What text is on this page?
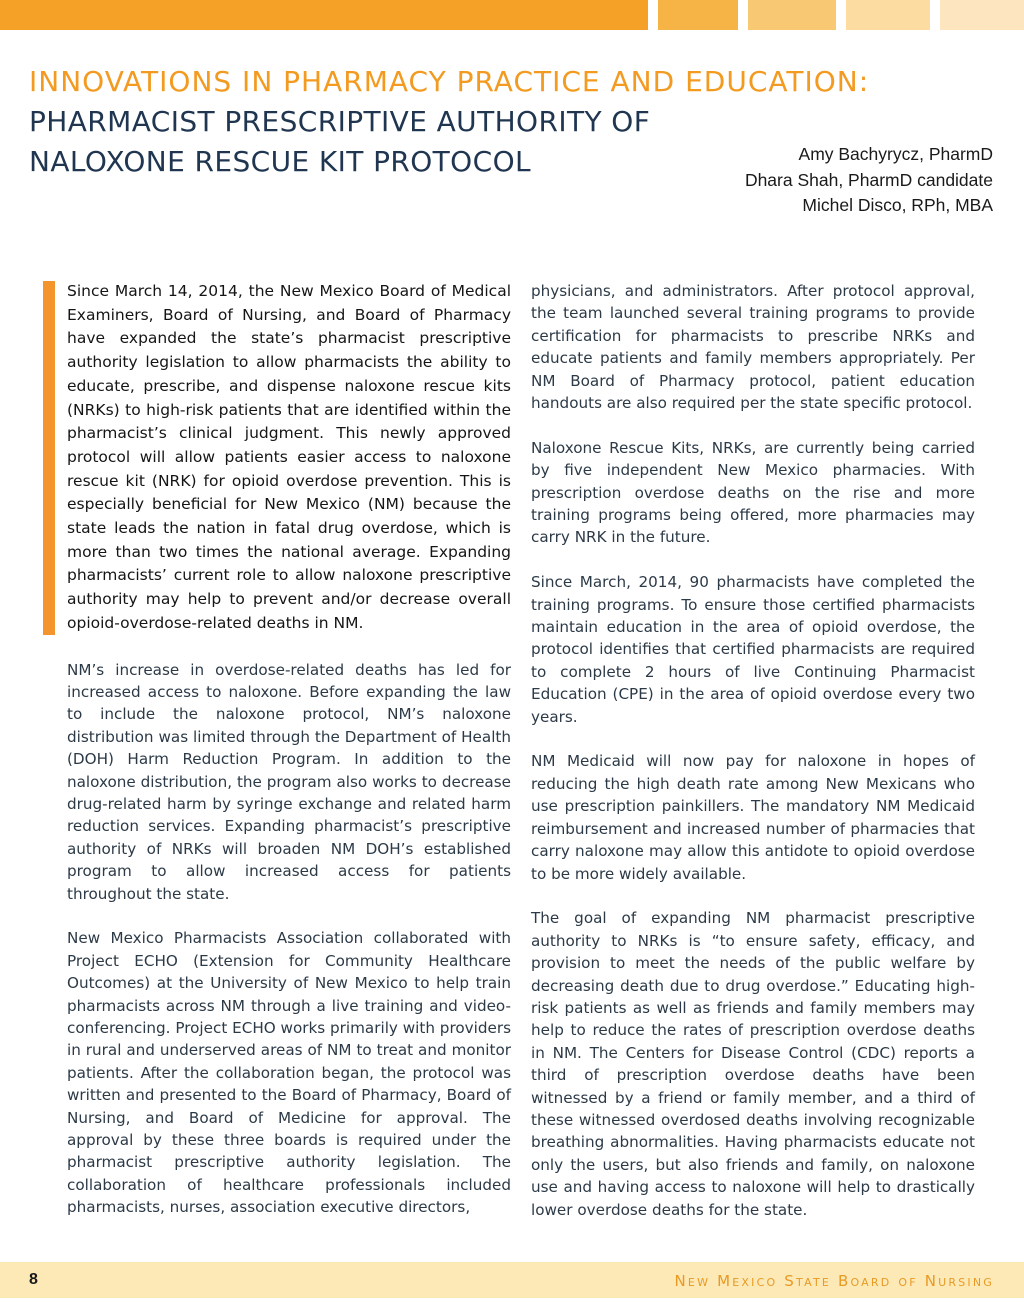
INNOVATIONS IN PHARMACY PRACTICE AND EDUCATION:
PHARMACIST PRESCRIPTIVE AUTHORITY OF
NALOXONE RESCUE KIT PROTOCOL	Amy Bachyrycz, PharmD
Dhara Shah, PharmD candidate
Michel Disco, RPh, MBA

Since March 14, 2014, the New Mexico Board of Medical Examiners, Board of Nursing, and Board of Pharmacy have expanded the state’s pharmacist prescriptive authority legislation to allow pharmacists the ability to educate, prescribe, and dispense naloxone rescue kits (NRKs) to high-risk patients that are identified within the pharmacist’s clinical judgment. This newly approved protocol will allow patients easier access to naloxone rescue kit (NRK) for opioid overdose prevention. This is especially beneficial for New Mexico (NM) because the state leads the nation in fatal drug overdose, which is more than two times the national average. Expanding pharmacists’ current role to allow naloxone prescriptive authority may help to prevent and/or decrease overall opioid-overdose-related deaths in NM.

NM’s increase in overdose-related deaths has led for increased access to naloxone. Before expanding the law to include the naloxone protocol, NM’s naloxone distribution was limited through the Department of Health (DOH) Harm Reduction Program. In addition to the naloxone distribution, the program also works to decrease drug-related harm by syringe exchange and related harm reduction services. Expanding pharmacist’s prescriptive authority of NRKs will broaden NM DOH’s established program to allow increased access for patients throughout the state.

New Mexico Pharmacists Association collaborated with Project ECHO (Extension for Community Healthcare Outcomes) at the University of New Mexico to help train pharmacists across NM through a live training and video-conferencing. Project ECHO works primarily with providers in rural and underserved areas of NM to treat and monitor patients. After the collaboration began, the protocol was written and presented to the Board of Pharmacy, Board of Nursing, and Board of Medicine for approval. The approval by these three boards is required under the pharmacist prescriptive authority legislation. The collaboration of healthcare professionals included pharmacists, nurses, association executive directors,

physicians, and administrators. After protocol approval, the team launched several training programs to provide certification for pharmacists to prescribe NRKs and educate patients and family members appropriately. Per NM Board of Pharmacy protocol, patient education handouts are also required per the state specific protocol.

Naloxone Rescue Kits, NRKs, are currently being carried by five independent New Mexico pharmacies. With prescription overdose deaths on the rise and more training programs being offered, more pharmacies may carry NRK in the future.

Since March, 2014, 90 pharmacists have completed the training programs. To ensure those certified pharmacists maintain education in the area of opioid overdose, the protocol identifies that certified pharmacists are required to complete 2 hours of live Continuing Pharmacist Education (CPE) in the area of opioid overdose every two years.

NM Medicaid will now pay for naloxone in hopes of reducing the high death rate among New Mexicans who use prescription painkillers. The mandatory NM Medicaid reimbursement and increased number of pharmacies that carry naloxone may allow this antidote to opioid overdose to be more widely available.

The goal of expanding NM pharmacist prescriptive authority to NRKs is “to ensure safety, efficacy, and provision to meet the needs of the public welfare by decreasing death due to drug overdose.” Educating high-risk patients as well as friends and family members may help to reduce the rates of prescription overdose deaths in NM. The Centers for Disease Control (CDC) reports a third of prescription overdose deaths have been witnessed by a friend or family member, and a third of these witnessed overdosed deaths involving recognizable breathing abnormalities. Having pharmacists educate not only the users, but also friends and family, on naloxone use and having access to naloxone will help to drastically lower overdose deaths for the state.

8	New Mexico State Board of Nursing
